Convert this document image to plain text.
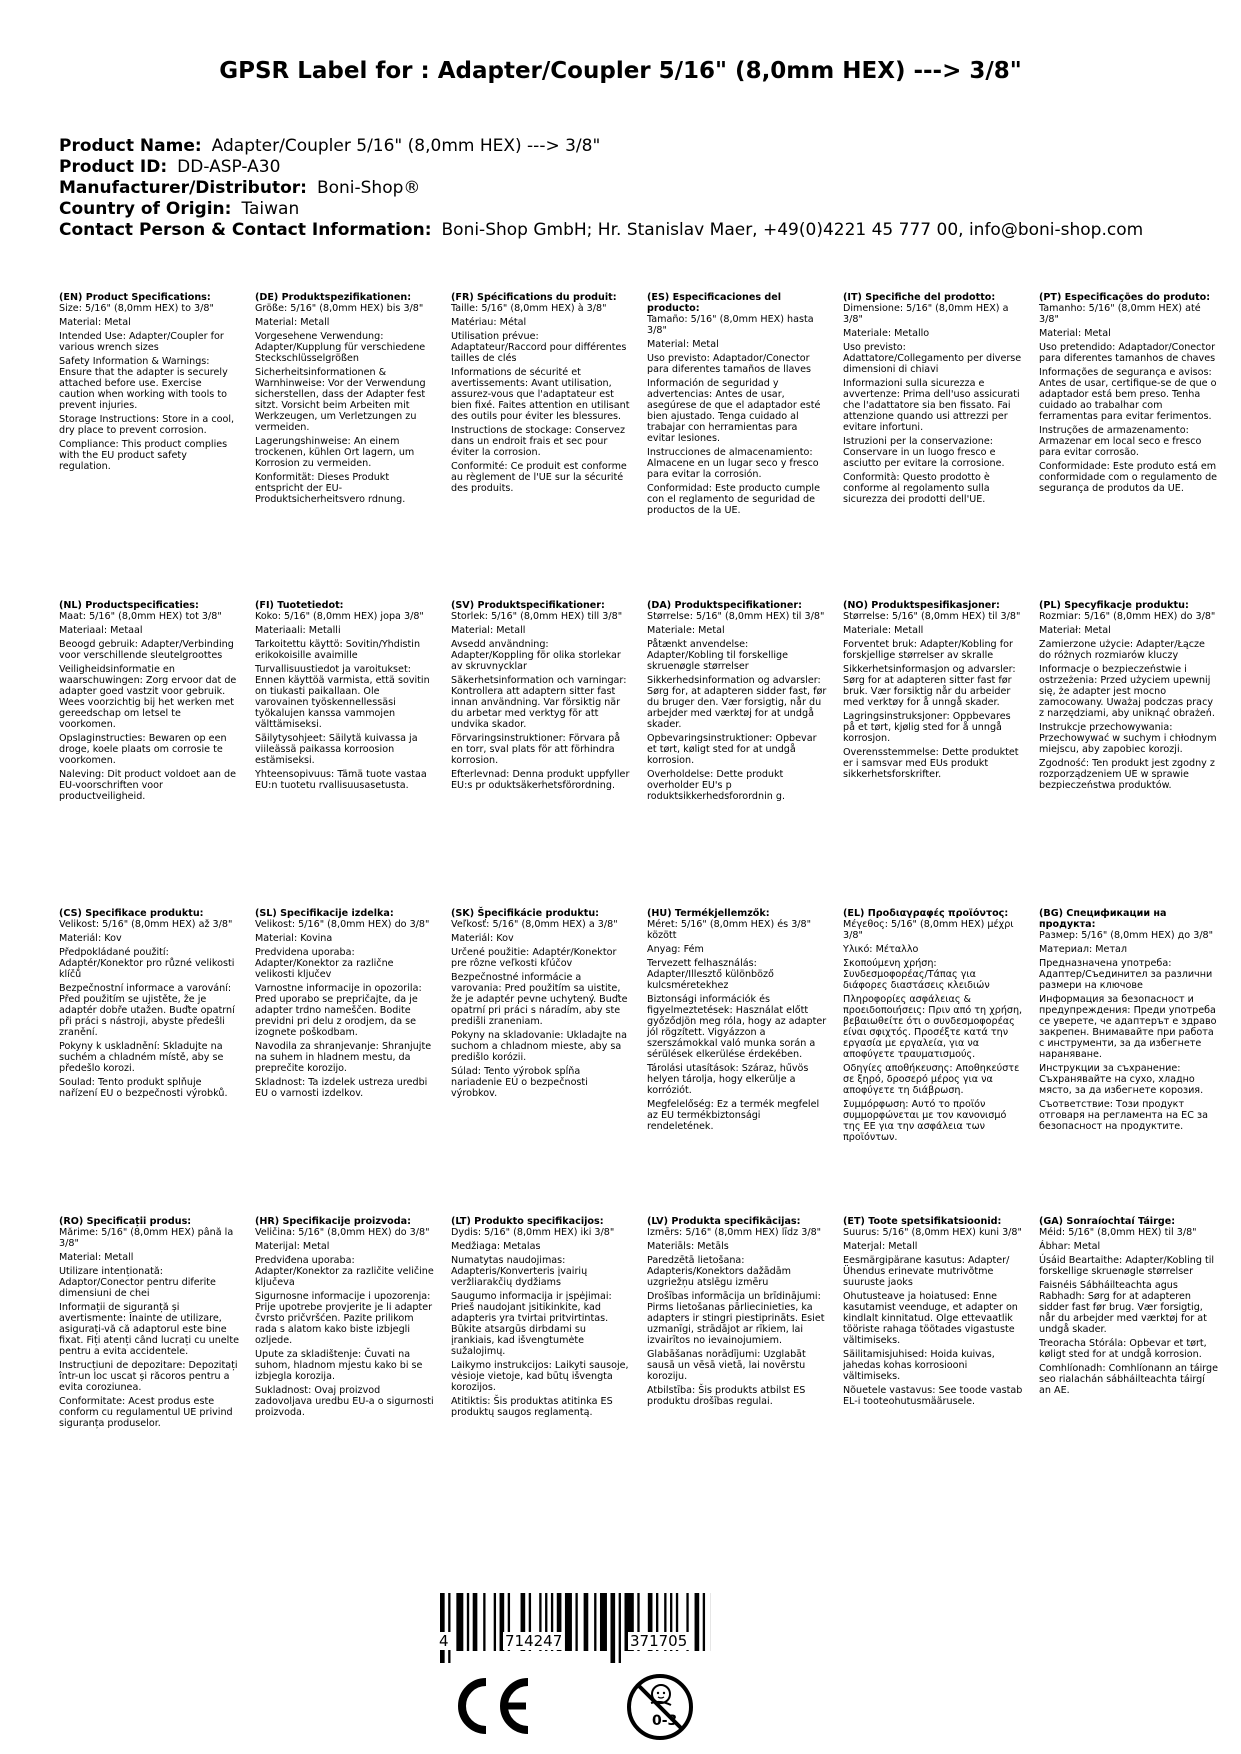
GPSR Label for : Adapter/Coupler 5/16" (8,0mm HEX) ---> 3/8"
Product Name: Adapter/Coupler 5/16" (8,0mm HEX) ---> 3/8"
Product ID: DD-ASP-A30
Manufacturer/Distributor: Boni-Shop®
Country of Origin: Taiwan
Contact Person & Contact Information: Boni-Shop GmbH; Hr. Stanislav Maer, +49(0)4221 45 777 00, info@boni-shop.com

(EN) Product Specifications:
Size: 5/16" (8,0mm HEX) to 3/8"

Material: Metal

Intended Use: Adapter/Coupler for various wrench sizes

Safety Information & Warnings: Ensure that the adapter is securely attached before use. Exercise caution when working with tools to prevent injuries.

Storage Instructions: Store in a cool, dry place to prevent corrosion.

Compliance: This product complies with the EU product safety regulation.

(DE) Produktspezifikationen:
Größe: 5/16" (8,0mm HEX) bis 3/8"

Material: Metall

Vorgesehene Verwendung: Adapter/Kupplung für verschiedene Steckschlüsselgrößen

Sicherheitsinformationen & Warnhinweise: Vor der Verwendung sicherstellen, dass der Adapter fest sitzt. Vorsicht beim Arbeiten mit Werkzeugen, um Verletzungen zu vermeiden.

Lagerungshinweise: An einem trockenen, kühlen Ort lagern, um Korrosion zu vermeiden.

Konformität: Dieses Produkt entspricht der EU-Produktsicherheitsvero rdnung.

(FR) Spécifications du produit:
Taille: 5/16" (8,0mm HEX) à 3/8"

Matériau: Métal

Utilisation prévue: Adaptateur/Raccord pour différentes tailles de clés

Informations de sécurité et avertissements: Avant utilisation, assurez-vous que l'adaptateur est bien fixé. Faites attention en utilisant des outils pour éviter les blessures.

Instructions de stockage: Conservez dans un endroit frais et sec pour éviter la corrosion.

Conformité: Ce produit est conforme au règlement de l'UE sur la sécurité des produits.

(ES) Especificaciones del producto:
Tamaño: 5/16" (8,0mm HEX) hasta 3/8"

Material: Metal

Uso previsto: Adaptador/Conector para diferentes tamaños de llaves

Información de seguridad y advertencias: Antes de usar, asegúrese de que el adaptador esté bien ajustado. Tenga cuidado al trabajar con herramientas para evitar lesiones.

Instrucciones de almacenamiento: Almacene en un lugar seco y fresco para evitar la corrosión.

Conformidad: Este producto cumple con el reglamento de seguridad de productos de la UE.

(IT) Specifiche del prodotto:
Dimensione: 5/16" (8,0mm HEX) a 3/8"

Materiale: Metallo

Uso previsto: Adattatore/Collegamento per diverse dimensioni di chiavi

Informazioni sulla sicurezza e avvertenze: Prima dell'uso assicurati che l'adattatore sia ben fissato. Fai attenzione quando usi attrezzi per evitare infortuni.

Istruzioni per la conservazione: Conservare in un luogo fresco e asciutto per evitare la corrosione.

Conformità: Questo prodotto è conforme al regolamento sulla sicurezza dei prodotti dell'UE.

(PT) Especificações do produto:
Tamanho: 5/16" (8,0mm HEX) até 3/8"

Material: Metal

Uso pretendido: Adaptador/Conector para diferentes tamanhos de chaves

Informações de segurança e avisos: Antes de usar, certifique-se de que o adaptador está bem preso. Tenha cuidado ao trabalhar com ferramentas para evitar ferimentos.

Instruções de armazenamento: Armazenar em local seco e fresco para evitar corrosão.

Conformidade: Este produto está em conformidade com o regulamento de segurança de produtos da UE.

(NL) Productspecificaties:
Maat: 5/16" (8,0mm HEX) tot 3/8"

Materiaal: Metaal

Beoogd gebruik: Adapter/Verbinding voor verschillende sleutelgroottes

Veiligheidsinformatie en waarschuwingen: Zorg ervoor dat de adapter goed vastzit voor gebruik. Wees voorzichtig bij het werken met gereedschap om letsel te voorkomen.

Opslaginstructies: Bewaren op een droge, koele plaats om corrosie te voorkomen.

Naleving: Dit product voldoet aan de EU-voorschriften voor productveiligheid.

(FI) Tuotetiedot:
Koko: 5/16" (8,0mm HEX) jopa 3/8"

Materiaali: Metalli

Tarkoitettu käyttö: Sovitin/Yhdistin erikokoisille avaimille

Turvallisuustiedot ja varoitukset: Ennen käyttöä varmista, että sovitin on tiukasti paikallaan. Ole varovainen työskennellessäsi työkalujen kanssa vammojen välttämiseksi.

Säilytysohjeet: Säilytä kuivassa ja viileässä paikassa korroosion estämiseksi.

Yhteensopivuus: Tämä tuote vastaa EU:n tuotetu rvallisuusasetusta.

(SV) Produktspecifikationer:
Storlek: 5/16" (8,0mm HEX) till 3/8"

Material: Metall

Avsedd användning: Adapter/Koppling för olika storlekar av skruvnycklar

Säkerhetsinformation och varningar: Kontrollera att adaptern sitter fast innan användning. Var försiktig när du arbetar med verktyg för att undvika skador.

Förvaringsinstruktioner: Förvara på en torr, sval plats för att förhindra korrosion.

Efterlevnad: Denna produkt uppfyller EU:s pr oduktsäkerhetsförordning.

(DA) Produktspecifikationer:
Størrelse: 5/16" (8,0mm HEX) til 3/8"

Materiale: Metal

Påtænkt anvendelse: Adapter/Kobling til forskellige skruenøgle størrelser

Sikkerhedsinformation og advarsler: Sørg for, at adapteren sidder fast, før du bruger den. Vær forsigtig, når du arbejder med værktøj for at undgå skader.

Opbevaringsinstruktioner: Opbevar et tørt, køligt sted for at undgå korrosion.

Overholdelse: Dette produkt overholder EU's p roduktsikkerhedsforordnin g.

(NO) Produktspesifikasjoner:
Størrelse: 5/16" (8,0mm HEX) til 3/8"

Materiale: Metall

Forventet bruk: Adapter/Kobling for forskjellige størrelser av skralle

Sikkerhetsinformasjon og advarsler: Sørg for at adapteren sitter fast før bruk. Vær forsiktig når du arbeider med verktøy for å unngå skader.

Lagringsinstruksjoner: Oppbevares på et tørt, kjølig sted for å unngå korrosjon.

Overensstemmelse: Dette produktet er i samsvar med EUs produkt sikkerhetsforskrifter.

(PL) Specyfikacje produktu:
Rozmiar: 5/16" (8,0mm HEX) do 3/8"

Materiał: Metal

Zamierzone użycie: Adapter/Łącze do różnych rozmiarów kluczy

Informacje o bezpieczeństwie i ostrzeżenia: Przed użyciem upewnij się, że adapter jest mocno zamocowany. Uważaj podczas pracy z narzędziami, aby uniknąć obrażeń.

Instrukcje przechowywania: Przechowywać w suchym i chłodnym miejscu, aby zapobiec korozji.

Zgodność: Ten produkt jest zgodny z rozporządzeniem UE w sprawie bezpieczeństwa produktów.

(CS) Specifikace produktu:
Velikost: 5/16" (8,0mm HEX) až 3/8"

Materiál: Kov

Předpokládané použití: Adaptér/Konektor pro různé velikosti klíčů

Bezpečnostní informace a varování: Před použitím se ujistěte, že je adaptér dobře utažen. Buďte opatrní při práci s nástroji, abyste předešli zranění.

Pokyny k uskladnění: Skladujte na suchém a chladném místě, aby se předešlo korozi.

Soulad: Tento produkt splňuje nařízení EU o bezpečnosti výrobků.

(SL) Specifikacije izdelka:
Velikost: 5/16" (8,0mm HEX) do 3/8"

Material: Kovina

Predvidena uporaba: Adapter/Konektor za različne velikosti ključev

Varnostne informacije in opozorila: Pred uporabo se prepričajte, da je adapter trdno nameščen. Bodite previdni pri delu z orodjem, da se izognete poškodbam.

Navodila za shranjevanje: Shranjujte na suhem in hladnem mestu, da preprečite korozijo.

Skladnost: Ta izdelek ustreza uredbi EU o varnosti izdelkov.

(SK) Špecifikácie produktu:
Veľkosť: 5/16" (8,0mm HEX) a 3/8"

Materiál: Kov

Určené použitie: Adaptér/Konektor pre rôzne veľkosti kľúčov

Bezpečnostné informácie a varovania: Pred použitím sa uistite, že je adaptér pevne uchytený. Buďte opatrní pri práci s náradím, aby ste predišli zraneniam.

Pokyny na skladovanie: Ukladajte na suchom a chladnom mieste, aby sa predišlo korózii.

Súlad: Tento výrobok spĺňa nariadenie EÚ o bezpečnosti výrobkov.

(HU) Termékjellemzők:
Méret: 5/16" (8,0mm HEX) és 3/8" között

Anyag: Fém

Tervezett felhasználás: Adapter/Illesztő különböző kulcsméretekhez

Biztonsági információk és figyelmeztetések: Használat előtt győződjön meg róla, hogy az adapter jól rögzített. Vigyázzon a szerszámokkal való munka során a sérülések elkerülése érdekében.

Tárolási utasítások: Száraz, hűvös helyen tárolja, hogy elkerülje a korróziót.

Megfelelőség: Ez a termék megfelel az EU termékbiztonsági rendeletének.

(EL) Προδιαγραφές προϊόντος:
Μέγεθος: 5/16" (8,0mm HEX) μέχρι 3/8"

Υλικό: Μέταλλο

Σκοπούμενη χρήση: Συνδεσμοφορέας/Τάπας για διάφορες διαστάσεις κλειδιών

Πληροφορίες ασφάλειας & προειδοποιήσεις: Πριν από τη χρήση, βεβαιωθείτε ότι ο συνδεσμοφορέας είναι σφιχτός. Προσέξτε κατά την εργασία με εργαλεία, για να αποφύγετε τραυματισμούς.

Οδηγίες αποθήκευσης: Αποθηκεύστε σε ξηρό, δροσερό μέρος για να αποφύγετε τη διάβρωση.

Συμμόρφωση: Αυτό το προϊόν συμμορφώνεται με τον κανονισμό της ΕΕ για την ασφάλεια των προϊόντων.

(BG) Спецификации на продукта:
Размер: 5/16" (8,0mm HEX) до 3/8"

Материал: Метал

Предназначена употреба: Адаптер/Съединител за различни размери на ключове

Информация за безопасност и предупреждения: Преди употреба се уверете, че адаптерът е здраво закрепен. Внимавайте при работа с инструменти, за да избегнете нараняване.

Инструкции за съхранение: Съхранявайте на сухо, хладно място, за да избегнете корозия.

Съответствие: Този продукт отговаря на регламента на ЕС за безопасност на продуктите.

(RO) Specificații produs:
Mărime: 5/16" (8,0mm HEX) până la 3/8"

Material: Metall

Utilizare intenționată: Adaptor/Conector pentru diferite dimensiuni de chei

Informații de siguranță și avertismente: Înainte de utilizare, asigurați-vă că adaptorul este bine fixat. Fiți atenți când lucrați cu unelte pentru a evita accidentele.

Instrucțiuni de depozitare: Depozitați într-un loc uscat și răcoros pentru a evita coroziunea.

Conformitate: Acest produs este conform cu regulamentul UE privind siguranța produselor.

(HR) Specifikacije proizvoda:
Veličina: 5/16" (8,0mm HEX) do 3/8"

Materijal: Metal

Predviđena uporaba: Adapter/Konektor za različite veličine ključeva

Sigurnosne informacije i upozorenja: Prije upotrebe provjerite je li adapter čvrsto pričvršćen. Pazite prilikom rada s alatom kako biste izbjegli ozljede.

Upute za skladištenje: Čuvati na suhom, hladnom mjestu kako bi se izbjegla korozija.

Sukladnost: Ovaj proizvod zadovoljava uredbu EU-a o sigurnosti proizvoda.

(LT) Produkto specifikacijos:
Dydis: 5/16" (8,0mm HEX) iki 3/8"

Medžiaga: Metalas

Numatytas naudojimas: Adapteris/Konverteris įvairių veržliarakčių dydžiams

Saugumo informacija ir įspėjimai: Prieš naudojant įsitikinkite, kad adapteris yra tvirtai pritvirtintas. Būkite atsargūs dirbdami su įrankiais, kad išvengtumėte sužalojimų.

Laikymo instrukcijos: Laikyti sausoje, vėsioje vietoje, kad būtų išvengta korozijos.

Atitiktis: Šis produktas atitinka ES produktų saugos reglamentą.

(LV) Produkta specifikācijas:
Izmērs: 5/16" (8,0mm HEX) līdz 3/8"

Materiāls: Metāls

Paredzētā lietošana: Adapteris/Konektors dažādām uzgriežņu atslēgu izmēru

Drošības informācija un brīdinājumi: Pirms lietošanas pārliecinieties, ka adapters ir stingri piestiprināts. Esiet uzmanīgi, strādājot ar rīkiem, lai izvairītos no ievainojumiem.

Glabāšanas norādījumi: Uzglabāt sausā un vēsā vietā, lai novērstu koroziju.

Atbilstība: Šis produkts atbilst ES produktu drošības regulai.

(ET) Toote spetsifikatsioonid:
Suurus: 5/16" (8,0mm HEX) kuni 3/8"

Materjal: Metall

Eesmärgipärane kasutus: Adapter/Ühendus erinevate mutrivõtme suuruste jaoks

Ohutusteave ja hoiatused: Enne kasutamist veenduge, et adapter on kindlalt kinnitatud. Olge ettevaatlik tööriste rahaga töötades vigastuste vältimiseks.

Säilitamisjuhised: Hoida kuivas, jahedas kohas korrosiooni vältimiseks.

Nõuetele vastavus: See toode vastab EL-i tooteohutusmäärusele.

(GA) Sonraíochtaí Táirge:
Méid: 5/16" (8,0mm HEX) til 3/8"

Ábhar: Metal

Úsáid Beartaithe: Adapter/Kobling til forskellige skruenøgle størrelser

Faisnéis Sábháilteachta agus Rabhadh: Sørg for at adapteren sidder fast før brug. Vær forsigtig, når du arbejder med værktøj for at undgå skader.

Treoracha Stórála: Opbevar et tørt, køligt sted for at undgå korrosion.

Comhlíonadh: Comhlíonann an táirge seo rialachán sábháilteachta táirgí an AE.

4	714247	371705
0-3
